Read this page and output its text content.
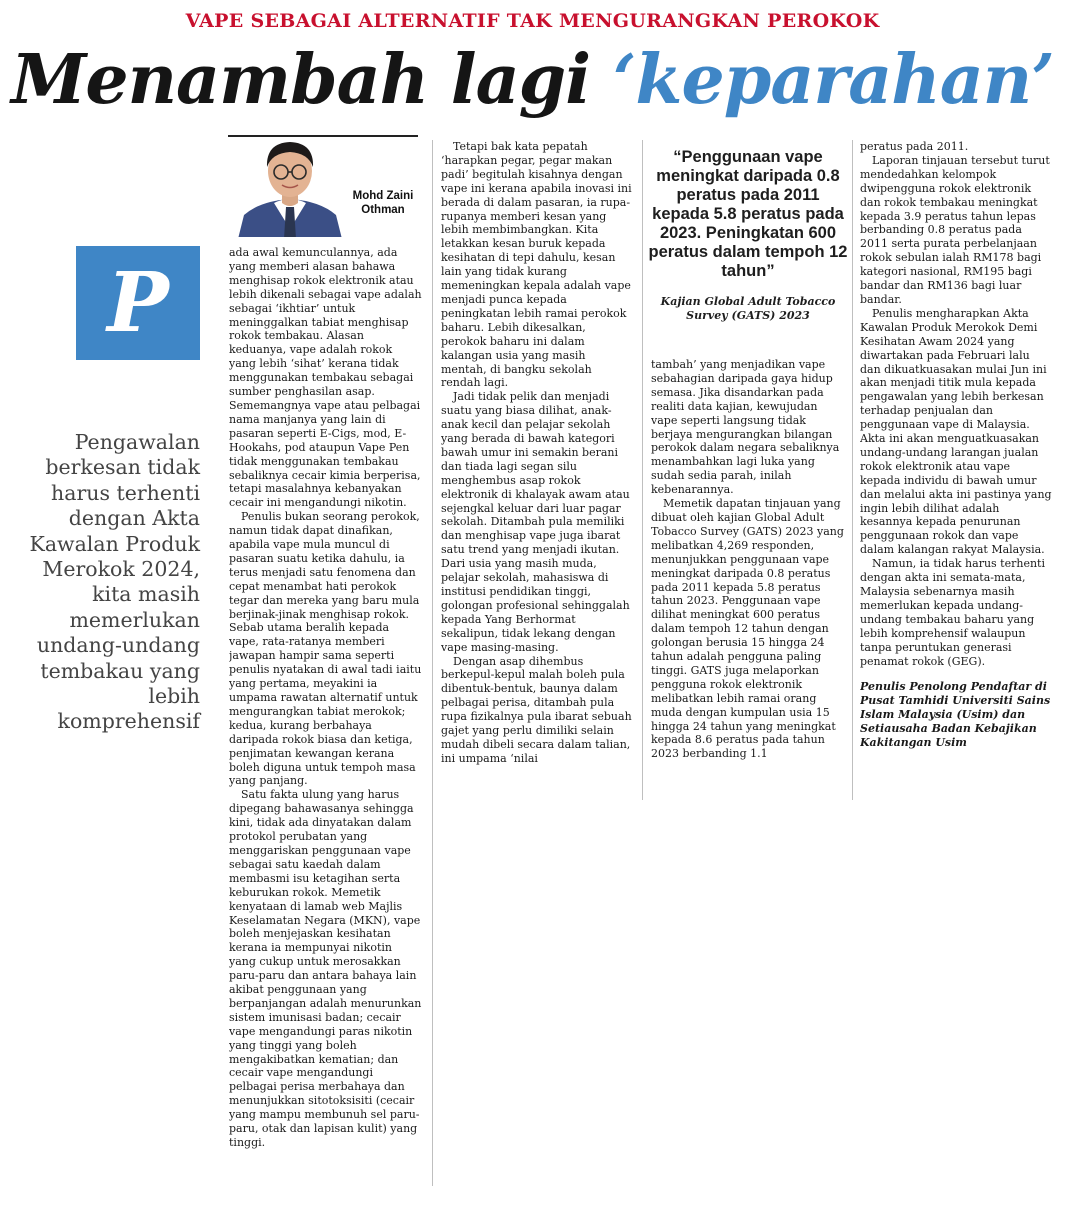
VAPE SEBAGAI ALTERNATIF TAK MENGURANGKAN PEROKOK
Menambah lagi ‘keparahan’
Mohd Zaini Othman
P
Pengawalan berkesan tidak harus terhenti dengan Akta Kawalan Produk Merokok 2024, kita masih memerlukan undang-undang tembakau yang lebih komprehensif

ada awal kemunculannya, ada yang memberi alasan bahawa menghisap rokok elektronik atau lebih dikenali sebagai vape adalah sebagai ‘ikhtiar’ untuk meninggalkan tabiat menghisap rokok tembakau. Alasan keduanya, vape adalah rokok yang lebih ‘sihat’ kerana tidak menggunakan tembakau sebagai sumber penghasilan asap. Sememangnya vape atau pelbagai nama manjanya yang lain di pasaran seperti E-Cigs, mod, E-Hookahs, pod ataupun Vape Pen tidak menggunakan tembakau sebaliknya cecair kimia berperisa, tetapi masalahnya kebanyakan cecair ini mengandungi nikotin.

Penulis bukan seorang perokok, namun tidak dapat dinafikan, apabila vape mula muncul di pasaran suatu ketika dahulu, ia terus menjadi satu fenomena dan cepat menambat hati perokok tegar dan mereka yang baru mula berjinak-jinak menghisap rokok. Sebab utama beralih kepada vape, rata-ratanya memberi jawapan hampir sama seperti penulis nyatakan di awal tadi iaitu yang pertama, meyakini ia umpama rawatan alternatif untuk mengurangkan tabiat merokok; kedua, kurang berbahaya daripada rokok biasa dan ketiga, penjimatan kewangan kerana boleh diguna untuk tempoh masa yang panjang.

Satu fakta ulung yang harus dipegang bahawasanya sehingga kini, tidak ada dinyatakan dalam protokol perubatan yang menggariskan penggunaan vape sebagai satu kaedah dalam membasmi isu ketagihan serta keburukan rokok. Memetik kenyataan di lamab web Majlis Keselamatan Negara (MKN), vape boleh menjejaskan kesihatan kerana ia mempunyai nikotin yang cukup untuk merosakkan paru-paru dan antara bahaya lain akibat penggunaan yang berpanjangan adalah menurunkan sistem imunisasi badan; cecair vape mengandungi paras nikotin yang tinggi yang boleh mengakibatkan kematian; dan cecair vape mengandungi pelbagai perisa merbahaya dan menunjukkan sitotoksisiti (cecair yang mampu membunuh sel paru-paru, otak dan lapisan kulit) yang tinggi.

Tetapi bak kata pepatah ‘harapkan pegar, pegar makan padi’ begitulah kisahnya dengan vape ini kerana apabila inovasi ini berada di dalam pasaran, ia rupa-rupanya memberi kesan yang lebih membimbangkan. Kita letakkan kesan buruk kepada kesihatan di tepi dahulu, kesan lain yang tidak kurang memeningkan kepala adalah vape menjadi punca kepada peningkatan lebih ramai perokok baharu. Lebih dikesalkan, perokok baharu ini dalam kalangan usia yang masih mentah, di bangku sekolah rendah lagi.

Jadi tidak pelik dan menjadi suatu yang biasa dilihat, anak-anak kecil dan pelajar sekolah yang berada di bawah kategori bawah umur ini semakin berani dan tiada lagi segan silu menghembus asap rokok elektronik di khalayak awam atau sejengkal keluar dari luar pagar sekolah. Ditambah pula memiliki dan menghisap vape juga ibarat satu trend yang menjadi ikutan. Dari usia yang masih muda, pelajar sekolah, mahasiswa di institusi pendidikan tinggi, golongan profesional sehinggalah kepada Yang Berhormat sekalipun, tidak lekang dengan vape masing-masing.

Dengan asap dihembus berkepul-kepul malah boleh pula dibentuk-bentuk, baunya dalam pelbagai perisa, ditambah pula rupa fizikalnya pula ibarat sebuah gajet yang perlu dimiliki selain mudah dibeli secara dalam talian, ini umpama ‘nilai

“Penggunaan vape meningkat daripada 0.8 peratus pada 2011 kepada 5.8 peratus pada 2023. Peningkatan 600 peratus dalam tempoh 12 tahun”
Kajian Global Adult Tobacco Survey (GATS) 2023

tambah’ yang menjadikan vape sebahagian daripada gaya hidup semasa. Jika disandarkan pada realiti data kajian, kewujudan vape seperti langsung tidak berjaya mengurangkan bilangan perokok dalam negara sebaliknya menambahkan lagi luka yang sudah sedia parah, inilah kebenarannya.

Memetik dapatan tinjauan yang dibuat oleh kajian Global Adult Tobacco Survey (GATS) 2023 yang melibatkan 4,269 responden, menunjukkan penggunaan vape meningkat daripada 0.8 peratus pada 2011 kepada 5.8 peratus tahun 2023. Penggunaan vape dilihat meningkat 600 peratus dalam tempoh 12 tahun dengan golongan berusia 15 hingga 24 tahun adalah pengguna paling tinggi. GATS juga melaporkan pengguna rokok elektronik melibatkan lebih ramai orang muda dengan kumpulan usia 15 hingga 24 tahun yang meningkat kepada 8.6 peratus pada tahun 2023 berbanding 1.1

peratus pada 2011.

Laporan tinjauan tersebut turut mendedahkan kelompok dwipengguna rokok elektronik dan rokok tembakau meningkat kepada 3.9 peratus tahun lepas berbanding 0.8 peratus pada 2011 serta purata perbelanjaan rokok sebulan ialah RM178 bagi kategori nasional, RM195 bagi bandar dan RM136 bagi luar bandar.

Penulis mengharapkan Akta Kawalan Produk Merokok Demi Kesihatan Awam 2024 yang diwartakan pada Februari lalu dan dikuatkuasakan mulai Jun ini akan menjadi titik mula kepada pengawalan yang lebih berkesan terhadap penjualan dan penggunaan vape di Malaysia. Akta ini akan menguatkuasakan undang-undang larangan jualan rokok elektronik atau vape kepada individu di bawah umur dan melalui akta ini pastinya yang ingin lebih dilihat adalah kesannya kepada penurunan penggunaan rokok dan vape dalam kalangan rakyat Malaysia.

Namun, ia tidak harus terhenti dengan akta ini semata-mata, Malaysia sebenarnya masih memerlukan kepada undang-undang tembakau baharu yang lebih komprehensif walaupun tanpa peruntukan generasi penamat rokok (GEG).

Penulis Penolong Pendaftar di Pusat Tamhidi Universiti Sains Islam Malaysia (Usim) dan Setiausaha Badan Kebajikan Kakitangan Usim
